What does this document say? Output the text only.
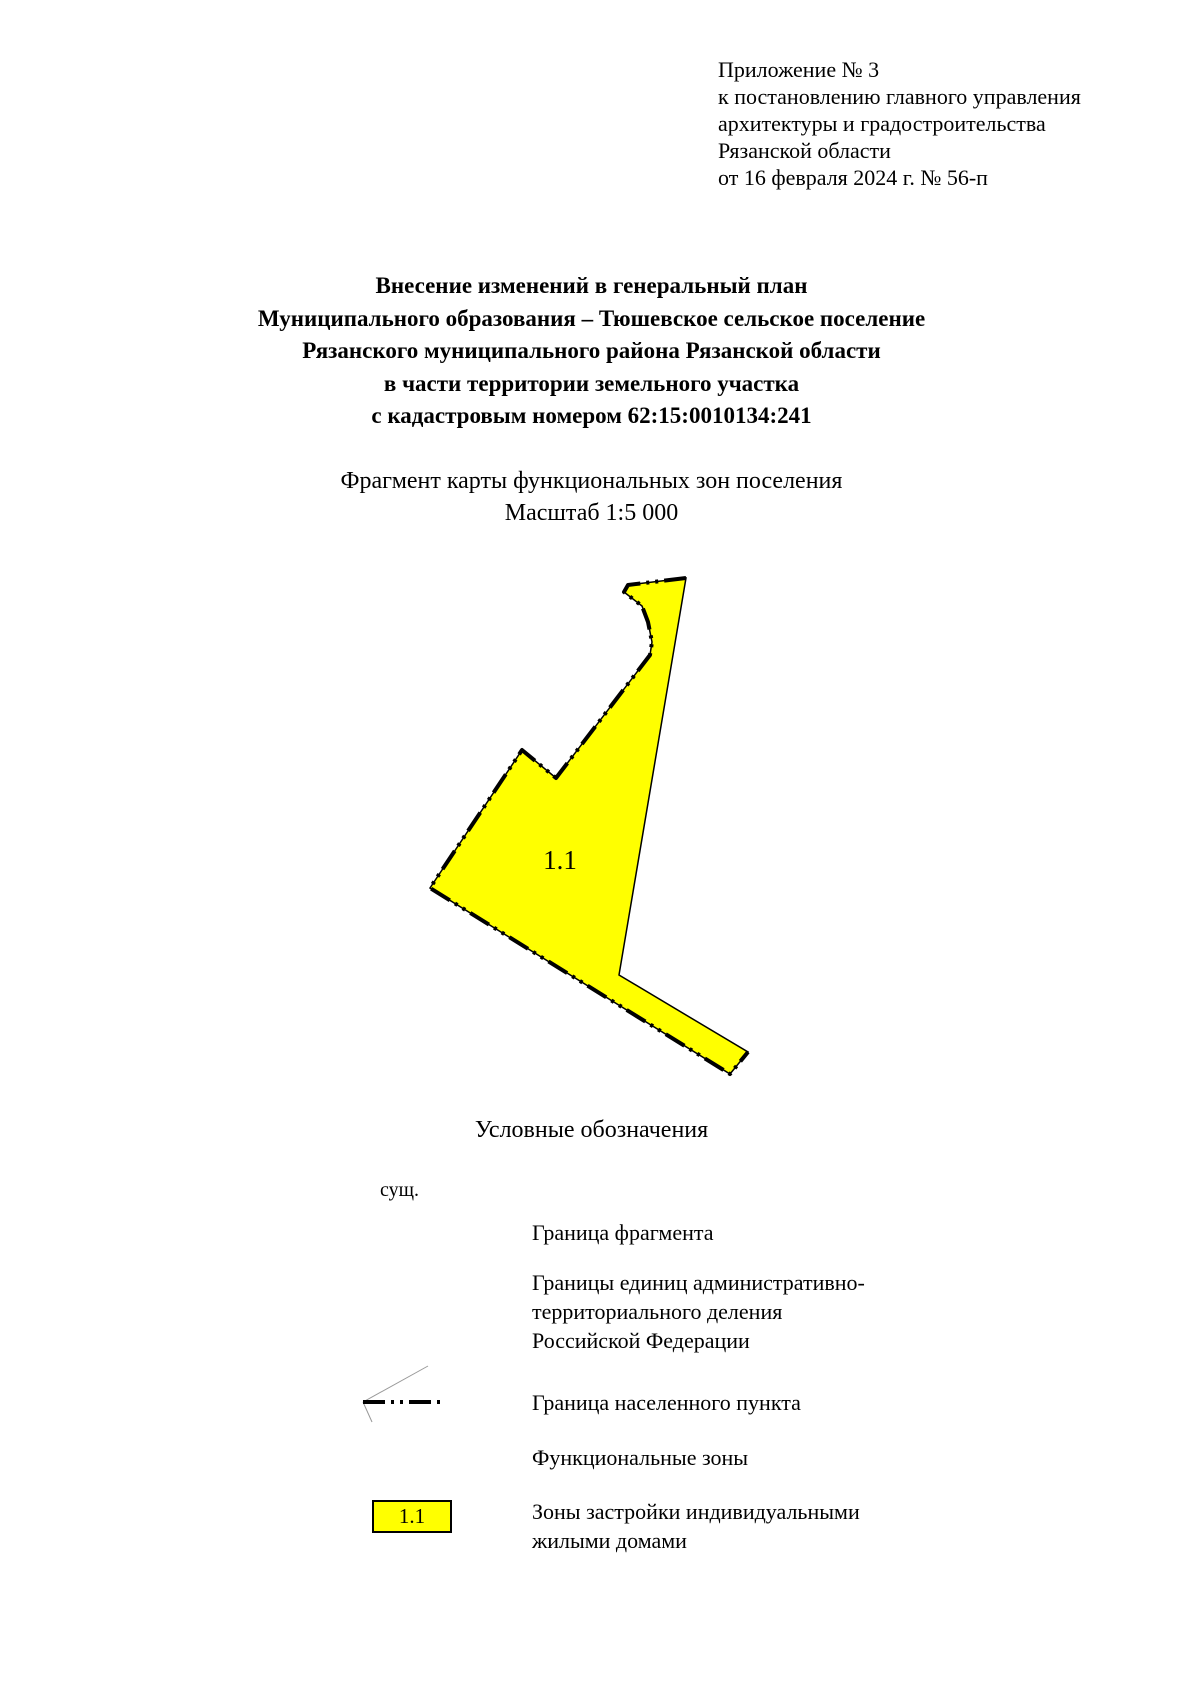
Приложение № 3
к постановлению главного управления
архитектуры и градостроительства
Рязанской области
от 16 февраля 2024 г. № 56-п
Внесение изменений в генеральный план
Муниципального образования – Тюшевское сельское поселение
Рязанского муниципального района Рязанской области
в части территории земельного участка
с кадастровым номером 62:15:0010134:241
Фрагмент карты функциональных зон поселения
Масштаб 1:5 000
1.1
Условные обозначения
сущ.
Граница фрагмента
Границы единиц административно-
территориального деления
Российской Федерации
Граница населенного пункта
Функциональные зоны
1.1	Зоны застройки индивидуальными
жилыми домами
